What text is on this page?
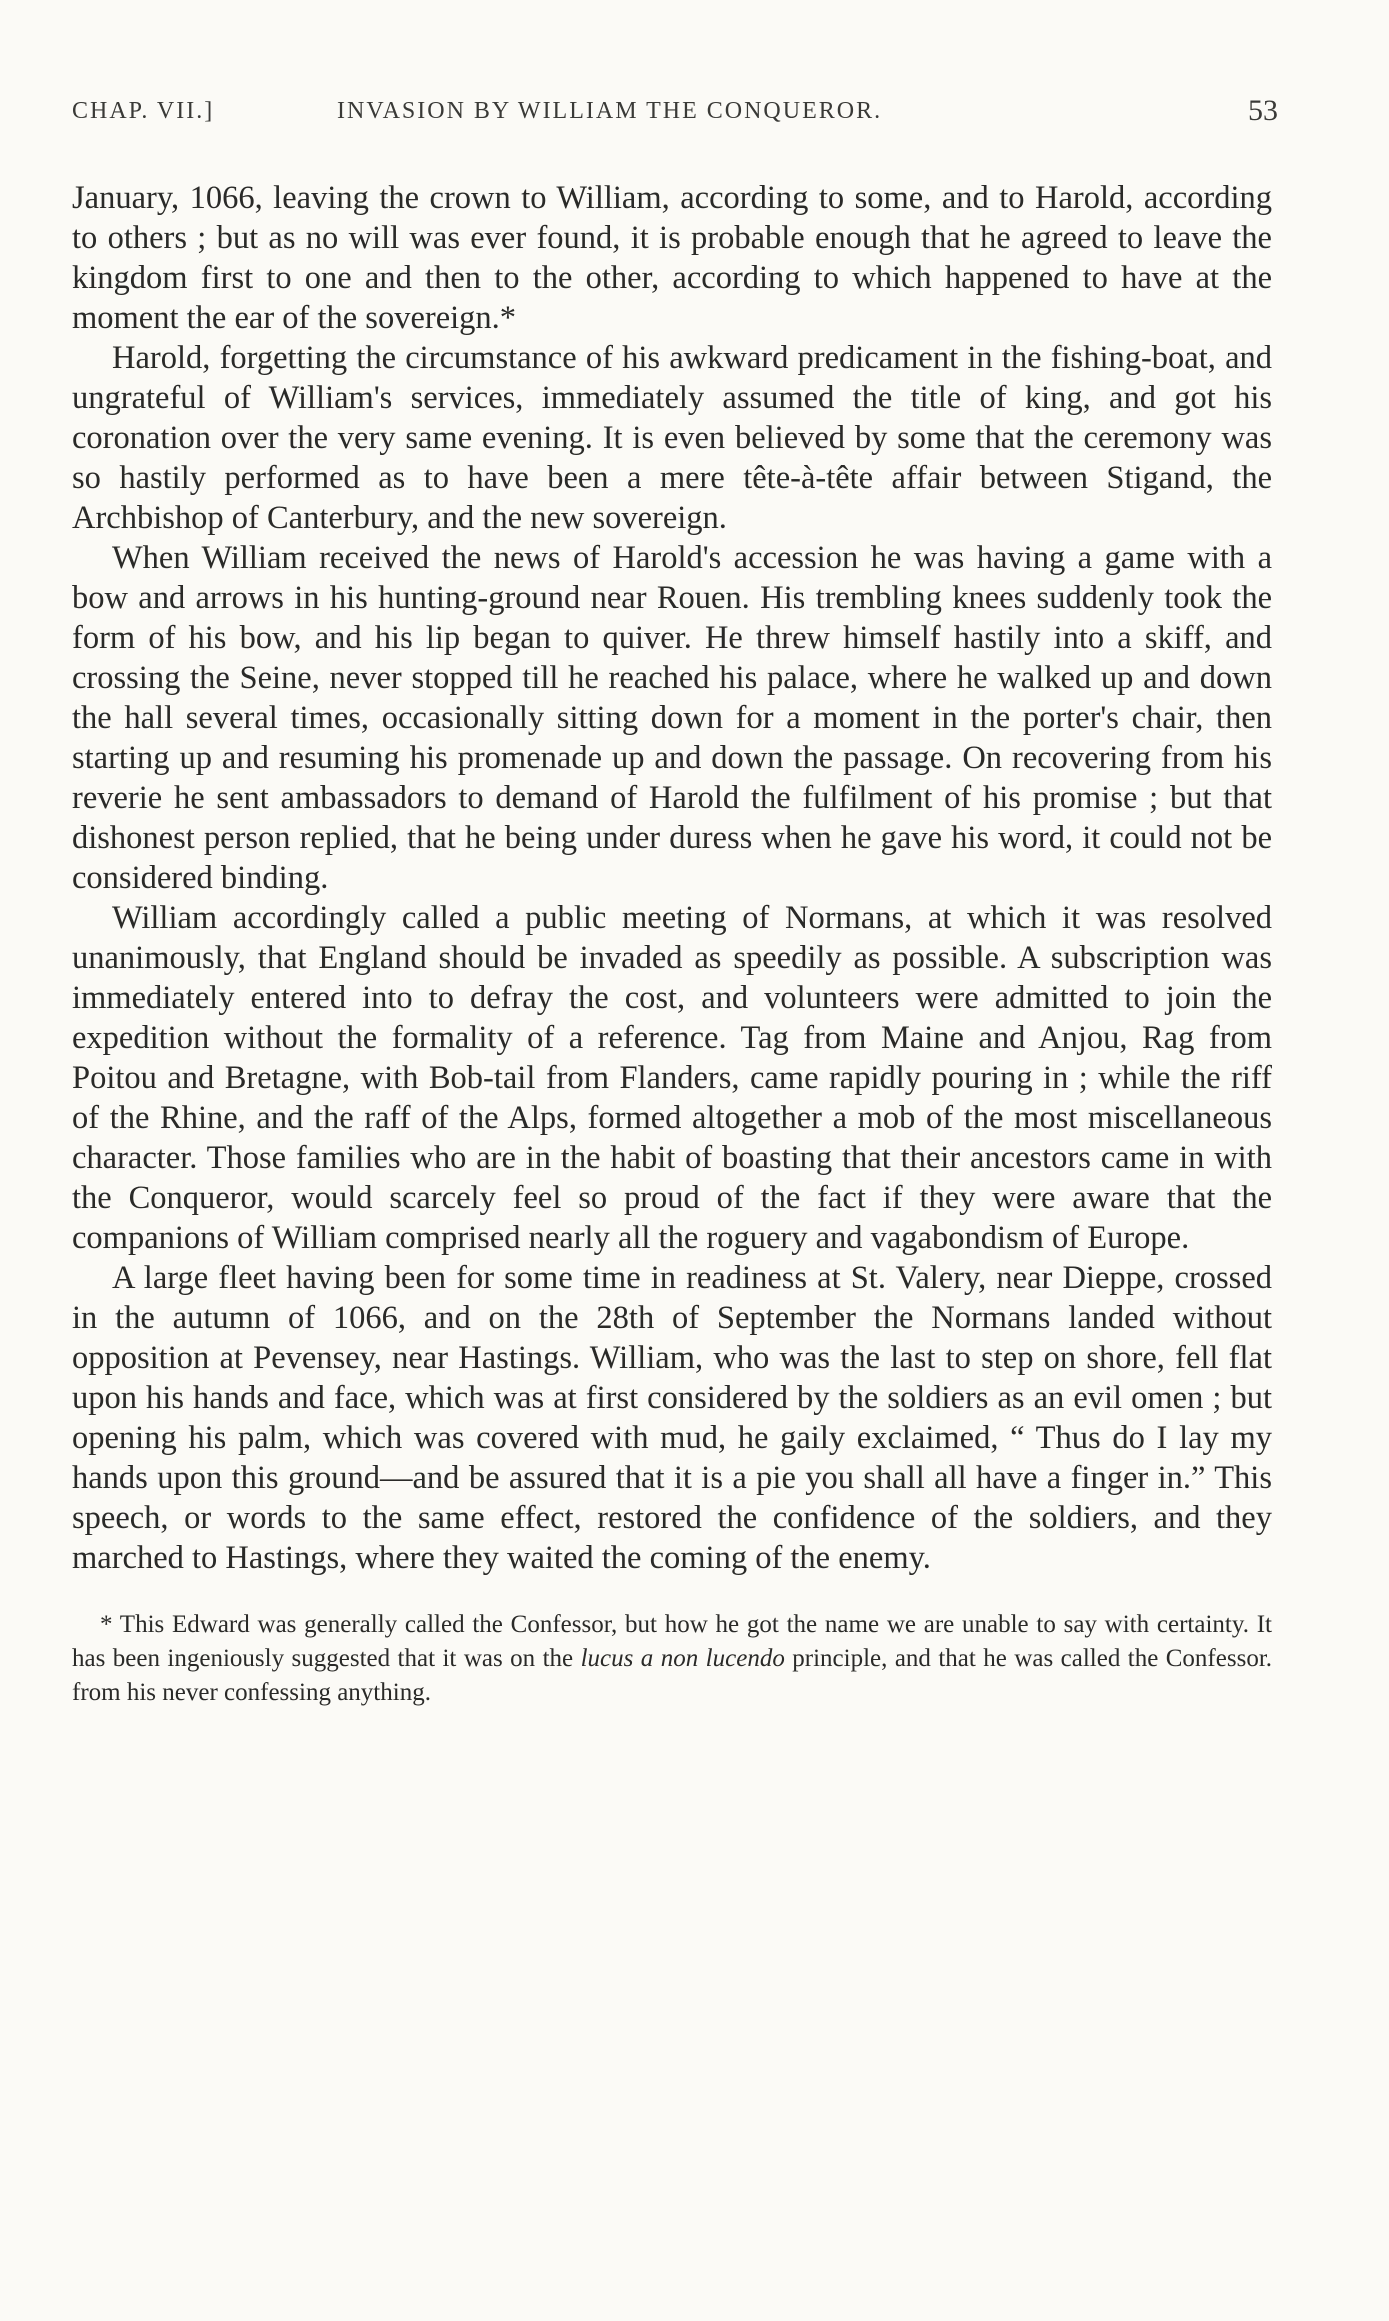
CHAP. VII.]	INVASION BY WILLIAM THE CONQUEROR.	53

January, 1066, leaving the crown to William, according to some, and to Harold, according to others ; but as no will was ever found, it is probable enough that he agreed to leave the kingdom first to one and then to the other, according to which happened to have at the moment the ear of the sovereign.*

Harold, forgetting the circumstance of his awkward predicament in the fishing-boat, and ungrateful of William's services, immediately assumed the title of king, and got his coronation over the very same evening. It is even believed by some that the ceremony was so hastily performed as to have been a mere tête-à-tête affair between Stigand, the Archbishop of Canterbury, and the new sovereign.

When William received the news of Harold's accession he was having a game with a bow and arrows in his hunting-ground near Rouen. His trembling knees suddenly took the form of his bow, and his lip began to quiver. He threw himself hastily into a skiff, and crossing the Seine, never stopped till he reached his palace, where he walked up and down the hall several times, occasionally sitting down for a moment in the porter's chair, then starting up and resuming his promenade up and down the passage. On recovering from his reverie he sent ambassadors to demand of Harold the fulfilment of his promise ; but that dishonest person replied, that he being under duress when he gave his word, it could not be considered binding.

William accordingly called a public meeting of Normans, at which it was resolved unanimously, that England should be invaded as speedily as possible. A subscription was immediately entered into to defray the cost, and volunteers were admitted to join the expedition without the formality of a reference. Tag from Maine and Anjou, Rag from Poitou and Bretagne, with Bob-tail from Flanders, came rapidly pouring in ; while the riff of the Rhine, and the raff of the Alps, formed altogether a mob of the most miscellaneous character. Those families who are in the habit of boasting that their ancestors came in with the Conqueror, would scarcely feel so proud of the fact if they were aware that the companions of William comprised nearly all the roguery and vagabondism of Europe.

A large fleet having been for some time in readiness at St. Valery, near Dieppe, crossed in the autumn of 1066, and on the 28th of September the Normans landed without opposition at Pevensey, near Hastings. William, who was the last to step on shore, fell flat upon his hands and face, which was at first considered by the soldiers as an evil omen ; but opening his palm, which was covered with mud, he gaily exclaimed, “ Thus do I lay my hands upon this ground—and be assured that it is a pie you shall all have a finger in.” This speech, or words to the same effect, restored the confidence of the soldiers, and they marched to Hastings, where they waited the coming of the enemy.

* This Edward was generally called the Confessor, but how he got the name we are unable to say with certainty. It has been ingeniously suggested that it was on the lucus a non lucendo principle, and that he was called the Confessor. from his never confessing anything.
